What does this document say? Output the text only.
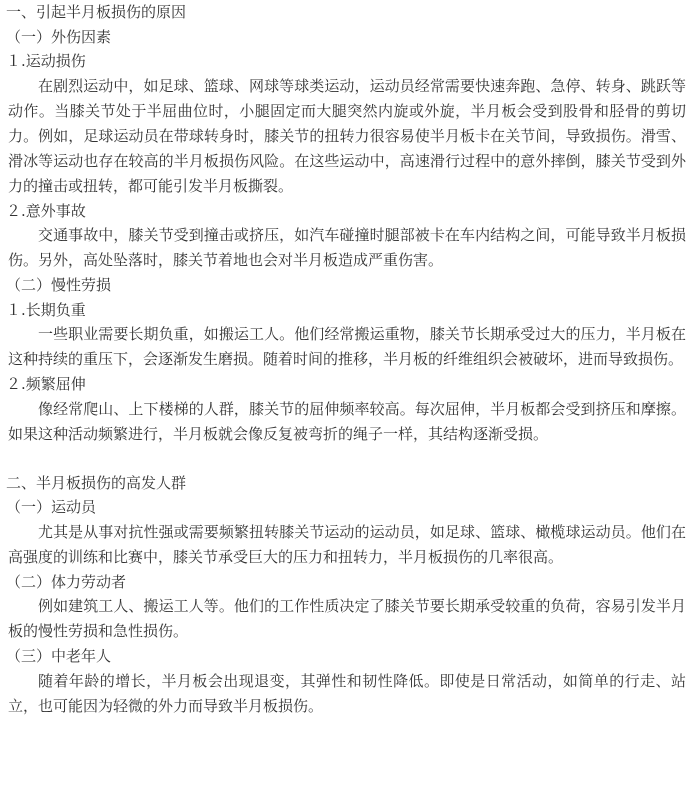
一、引起半月板损伤的原因
（一）外伤因素
１.运动损伤

在剧烈运动中，如足球、篮球、网球等球类运动，运动员经常需要快速奔跑、急停、转身、跳跃等动作。当膝关节处于半屈曲位时，小腿固定而大腿突然内旋或外旋，半月板会受到股骨和胫骨的剪切力。例如，足球运动员在带球转身时，膝关节的扭转力很容易使半月板卡在关节间，导致损伤。滑雪、滑冰等运动也存在较高的半月板损伤风险。在这些运动中，高速滑行过程中的意外摔倒，膝关节受到外力的撞击或扭转，都可能引发半月板撕裂。

２.意外事故

交通事故中，膝关节受到撞击或挤压，如汽车碰撞时腿部被卡在车内结构之间，可能导致半月板损伤。另外，高处坠落时，膝关节着地也会对半月板造成严重伤害。

（二）慢性劳损
１.长期负重

一些职业需要长期负重，如搬运工人。他们经常搬运重物，膝关节长期承受过大的压力，半月板在这种持续的重压下，会逐渐发生磨损。随着时间的推移，半月板的纤维组织会被破坏，进而导致损伤。

２.频繁屈伸

像经常爬山、上下楼梯的人群，膝关节的屈伸频率较高。每次屈伸，半月板都会受到挤压和摩擦。如果这种活动频繁进行，半月板就会像反复被弯折的绳子一样，其结构逐渐受损。

二、半月板损伤的高发人群
（一）运动员

尤其是从事对抗性强或需要频繁扭转膝关节运动的运动员，如足球、篮球、橄榄球运动员。他们在高强度的训练和比赛中，膝关节承受巨大的压力和扭转力，半月板损伤的几率很高。

（二）体力劳动者

例如建筑工人、搬运工人等。他们的工作性质决定了膝关节要长期承受较重的负荷，容易引发半月板的慢性劳损和急性损伤。

（三）中老年人

随着年龄的增长，半月板会出现退变，其弹性和韧性降低。即使是日常活动，如简单的行走、站立，也可能因为轻微的外力而导致半月板损伤。
